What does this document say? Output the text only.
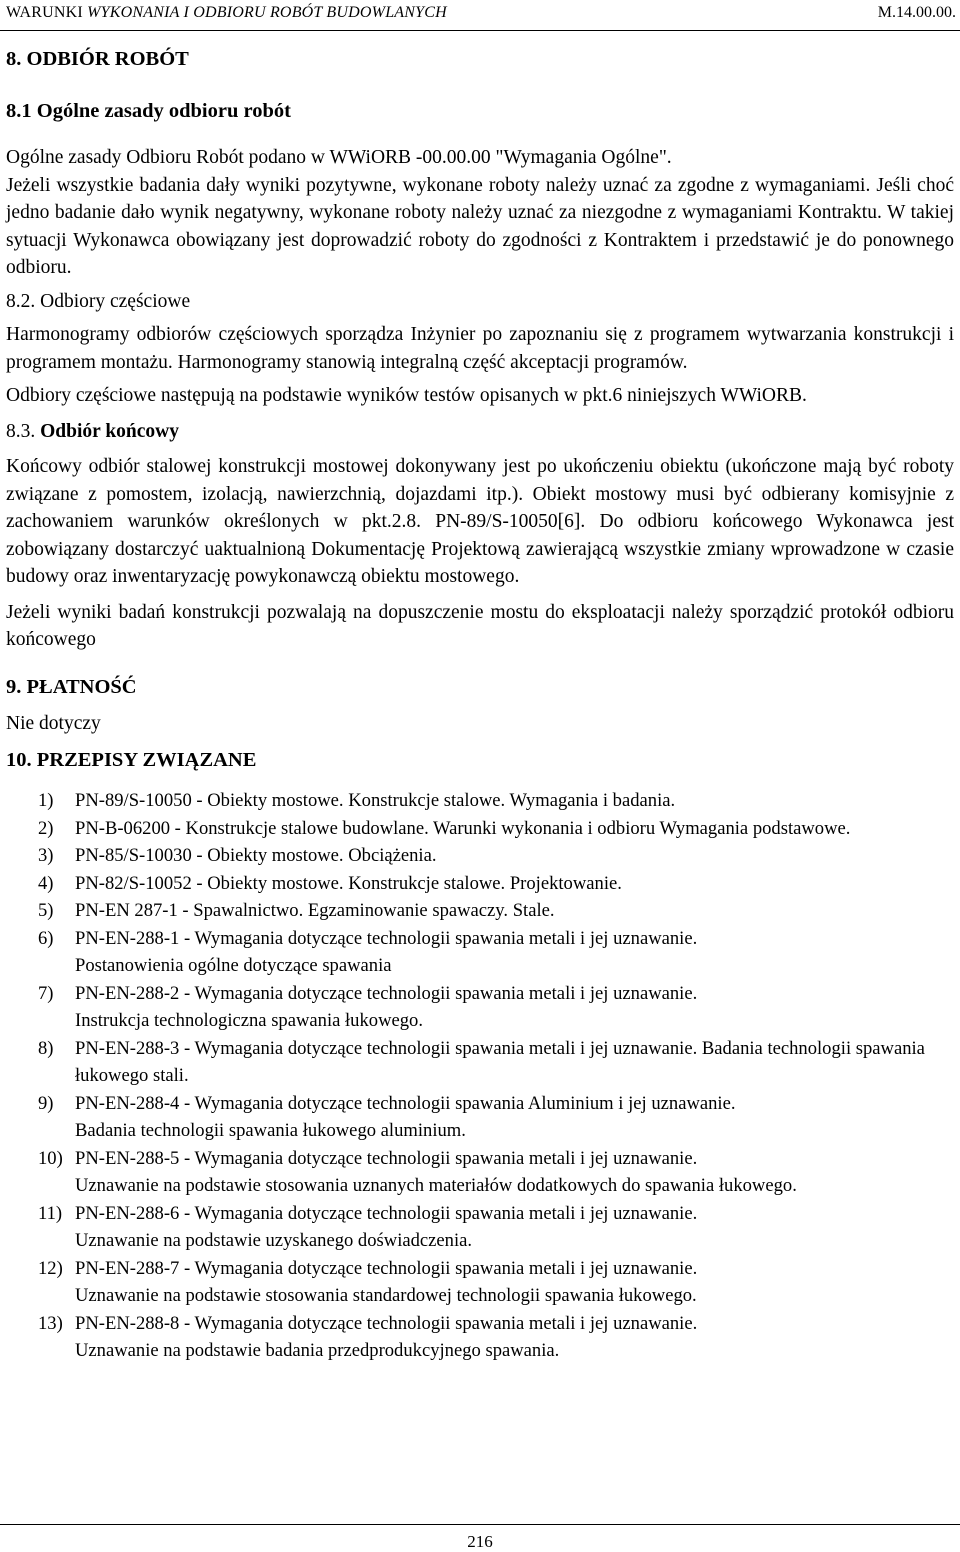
WARUNKI WYKONANIA I ODBIORU ROBÓT BUDOWLANYCH	M.14.00.00.
8. ODBIÓR ROBÓT
8.1 Ogólne zasady odbioru robót
Ogólne zasady Odbioru Robót podano w WWiORB -00.00.00 "Wymagania Ogólne".
Jeżeli wszystkie badania dały wyniki pozytywne, wykonane roboty należy uznać za zgodne z wymaganiami. Jeśli choć jedno badanie dało wynik negatywny, wykonane roboty należy uznać za niezgodne z wymaganiami Kontraktu. W takiej sytuacji Wykonawca obowiązany jest doprowadzić roboty do zgodności z Kontraktem i przedstawić je do ponownego odbioru.
8.2. Odbiory częściowe
Harmonogramy odbiorów częściowych sporządza Inżynier po zapoznaniu się z programem wytwarzania konstrukcji i programem montażu. Harmonogramy stanowią integralną część akceptacji programów.
Odbiory częściowe następują na podstawie wyników testów opisanych w pkt.6 niniejszych WWiORB.
8.3. Odbiór końcowy
Końcowy odbiór stalowej konstrukcji mostowej dokonywany jest po ukończeniu obiektu (ukończone mają być roboty związane z pomostem, izolacją, nawierzchnią, dojazdami itp.). Obiekt mostowy musi być odbierany komisyjnie z zachowaniem warunków określonych w pkt.2.8. PN-89/S-10050[6]. Do odbioru końcowego Wykonawca jest zobowiązany dostarczyć uaktualnioną Dokumentację Projektową zawierającą wszystkie zmiany wprowadzone w czasie budowy oraz inwentaryzację powykonawczą obiektu mostowego.
Jeżeli wyniki badań konstrukcji pozwalają na dopuszczenie mostu do eksploatacji należy sporządzić protokół odbioru końcowego
9. PŁATNOŚĆ
Nie dotyczy
10. PRZEPISY ZWIĄZANE
1) PN-89/S-10050 - Obiekty mostowe. Konstrukcje stalowe. Wymagania i badania.
2) PN-B-06200 - Konstrukcje stalowe budowlane. Warunki wykonania i odbioru Wymagania podstawowe.
3) PN-85/S-10030 - Obiekty mostowe. Obciążenia.
4) PN-82/S-10052 - Obiekty mostowe. Konstrukcje stalowe. Projektowanie.
5) PN-EN 287-1 - Spawalnictwo. Egzaminowanie spawaczy. Stale.
6) PN-EN-288-1 - Wymagania dotyczące technologii spawania metali i jej uznawanie.
Postanowienia ogólne dotyczące spawania
7) PN-EN-288-2 - Wymagania dotyczące technologii spawania metali i jej uznawanie.
Instrukcja technologiczna spawania łukowego.
8) PN-EN-288-3 - Wymagania dotyczące technologii spawania metali i jej uznawanie. Badania technologii spawania łukowego stali.
9) PN-EN-288-4 - Wymagania dotyczące technologii spawania Aluminium i jej uznawanie.
Badania technologii spawania łukowego aluminium.
10) PN-EN-288-5 - Wymagania dotyczące technologii spawania metali i jej uznawanie.
Uznawanie na podstawie stosowania uznanych materiałów dodatkowych do spawania łukowego.
11) PN-EN-288-6 - Wymagania dotyczące technologii spawania metali i jej uznawanie.
Uznawanie na podstawie uzyskanego doświadczenia.
12) PN-EN-288-7 - Wymagania dotyczące technologii spawania metali i jej uznawanie.
Uznawanie na podstawie stosowania standardowej technologii spawania łukowego.
13) PN-EN-288-8 - Wymagania dotyczące technologii spawania metali i jej uznawanie.
Uznawanie na podstawie badania przedprodukcyjnego spawania.
216
